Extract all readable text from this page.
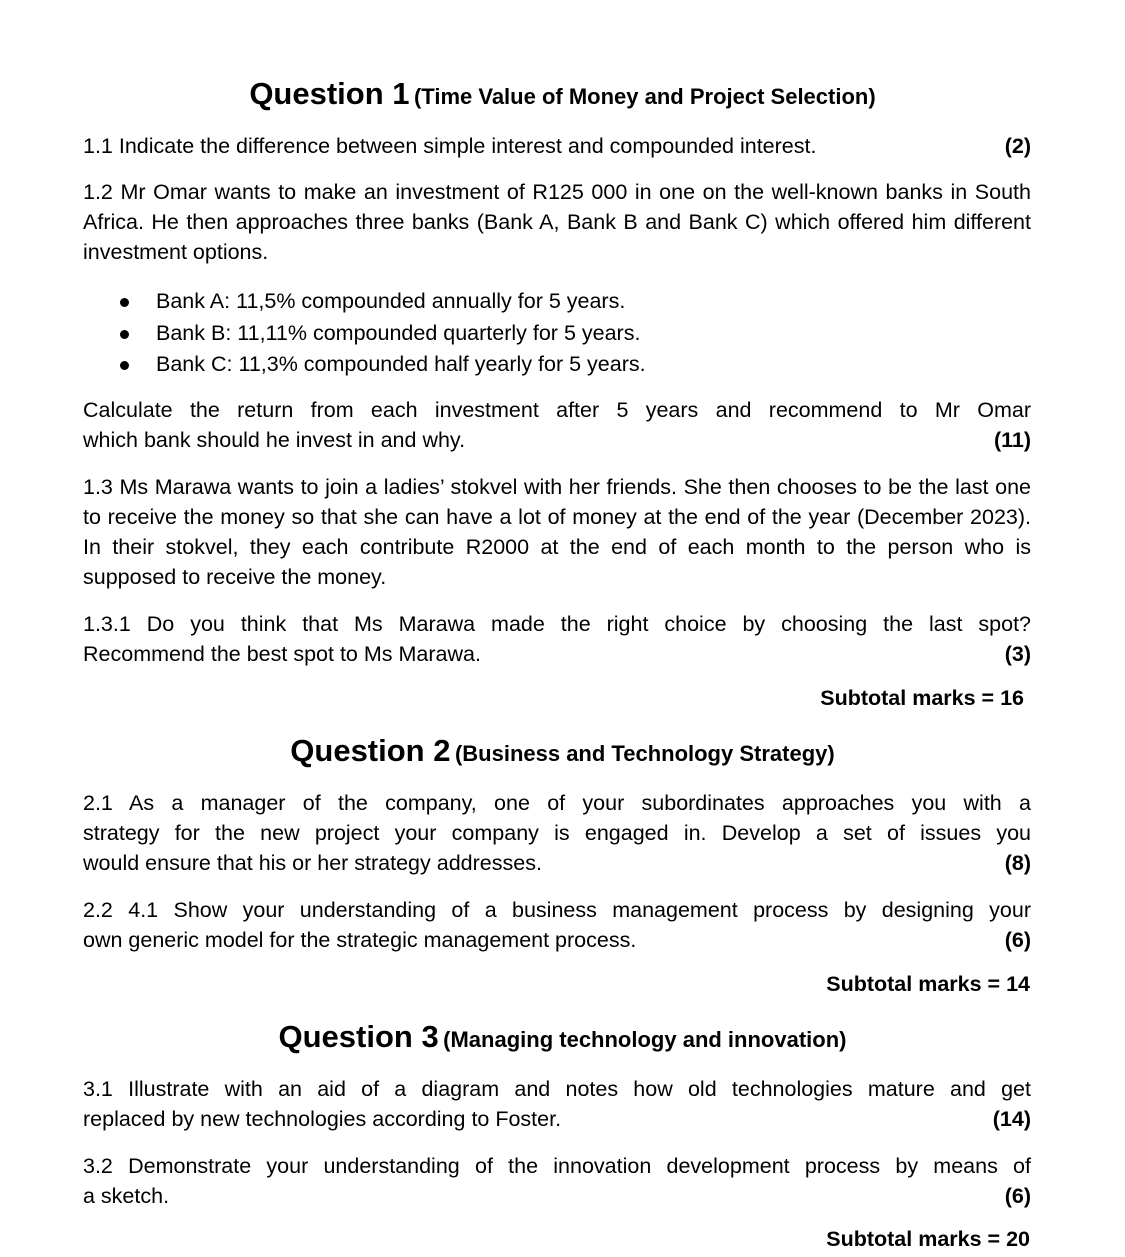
Question 1 (Time Value of Money and Project Selection)
1.1 Indicate the difference between simple interest and compounded interest.	(2)
1.2 Mr Omar wants to make an investment of R125 000 in one on the well-known banks in South Africa. He then approaches three banks (Bank A, Bank B and Bank C) which offered him different investment options.
Bank A: 11,5% compounded annually for 5 years.
Bank B: 11,11% compounded quarterly for 5 years.
Bank C: 11,3% compounded half yearly for 5 years.
Calculate the return from each investment after 5 years and recommend to Mr Omar
which bank should he invest in and why.	(11)
1.3 Ms Marawa wants to join a ladies’ stokvel with her friends. She then chooses to be the last one to receive the money so that she can have a lot of money at the end of the year (December 2023). In their stokvel, they each contribute R2000 at the end of each month to the person who is supposed to receive the money.
1.3.1 Do you think that Ms Marawa made the right choice by choosing the last spot?
Recommend the best spot to Ms Marawa.	(3)
Subtotal marks = 16
Question 2 (Business and Technology Strategy)
2.1 As a manager of the company, one of your subordinates approaches you with a
strategy for the new project your company is engaged in. Develop a set of issues you
would ensure that his or her strategy addresses.	(8)
2.2 4.1 Show your understanding of a business management process by designing your
own generic model for the strategic management process.	(6)
Subtotal marks = 14
Question 3 (Managing technology and innovation)
3.1 Illustrate with an aid of a diagram and notes how old technologies mature and get
replaced by new technologies according to Foster.	(14)
3.2 Demonstrate your understanding of the innovation development process by means of
a sketch.	(6)
Subtotal marks = 20
